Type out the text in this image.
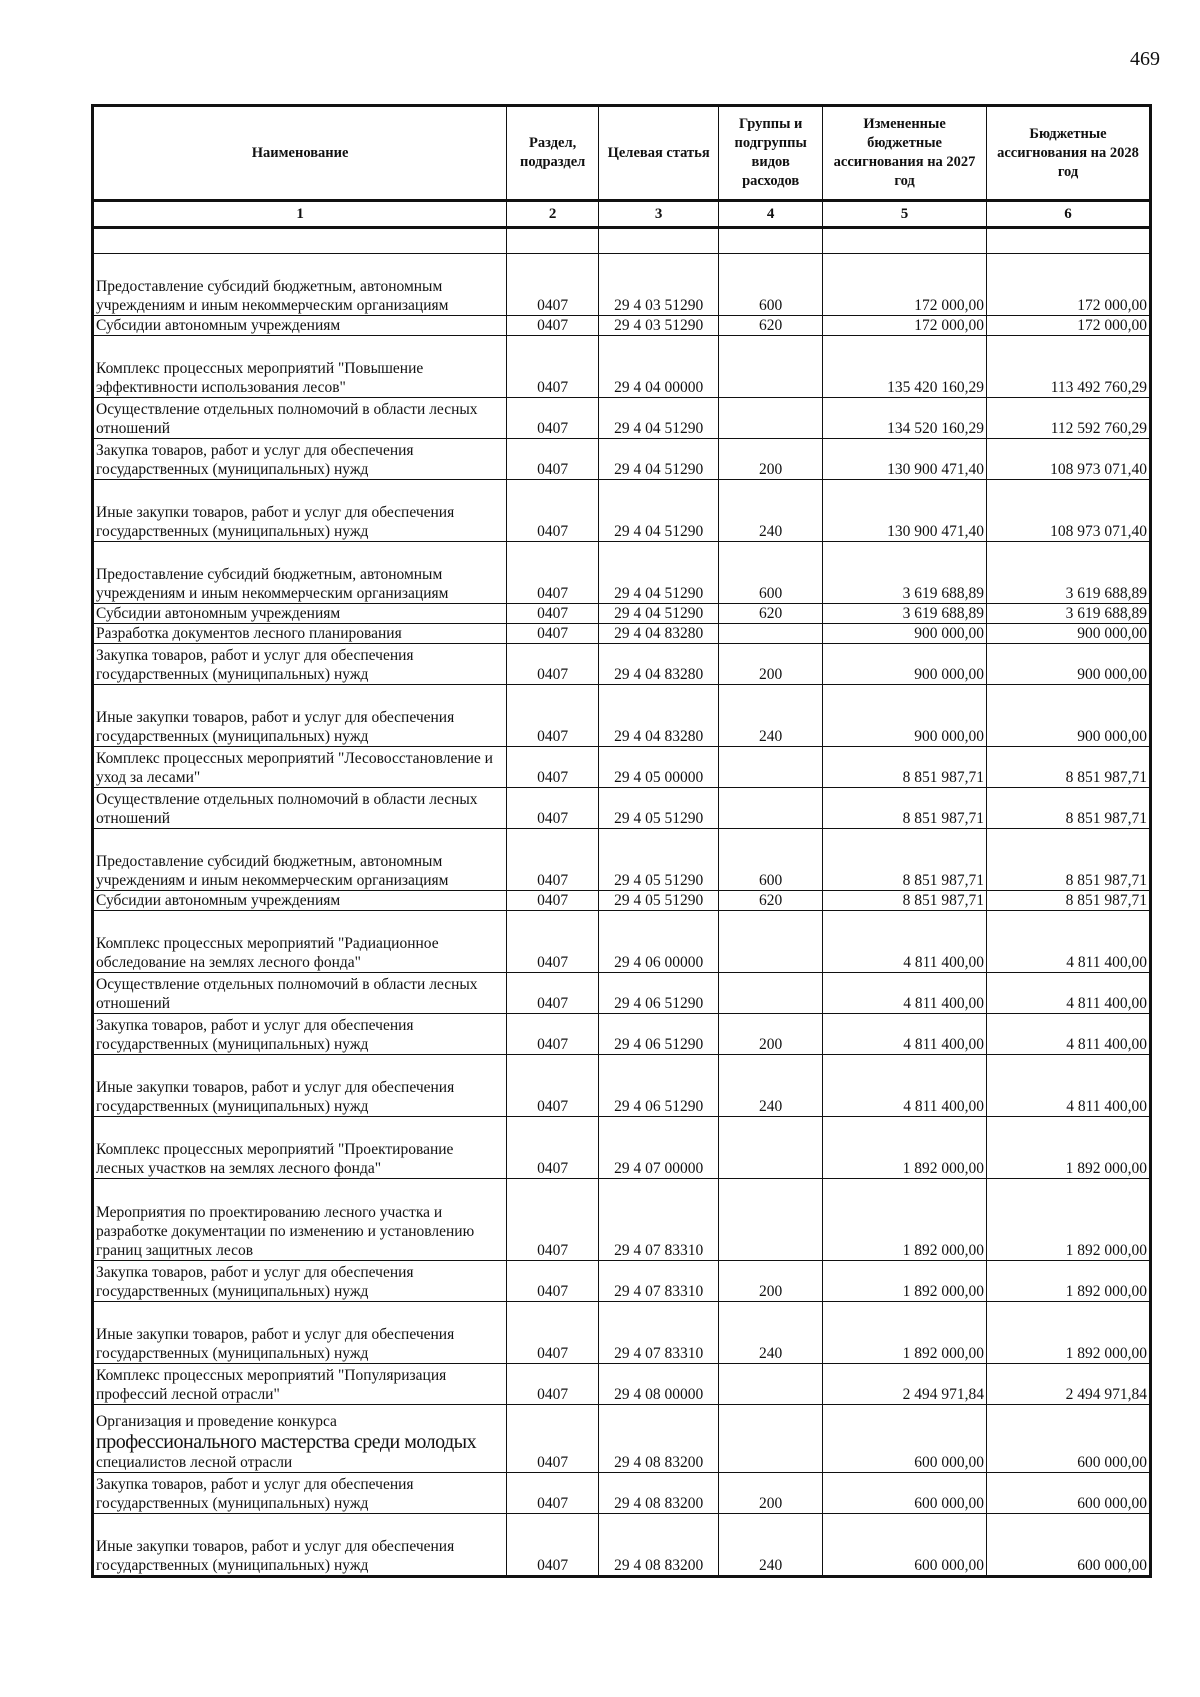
469
Наименование	Раздел, подраздел	Целевая статья	Группы и подгруппы видов расходов	Измененные бюджетные ассигнования на 2027 год	Бюджетные ассигнования на 2028 год
1	2	3	4	5	6

Предоставление субсидий бюджетным, автономным учреждениям и иным некоммерческим организациям	0407	29 4 03 51290	600	172 000,00	172 000,00
Субсидии автономным учреждениям	0407	29 4 03 51290	620	172 000,00	172 000,00
Комплекс процессных мероприятий "Повышение эффективности использования лесов"	0407	29 4 04 00000		135 420 160,29	113 492 760,29
Осуществление отдельных полномочий в области лесных отношений	0407	29 4 04 51290		134 520 160,29	112 592 760,29
Закупка товаров, работ и услуг для обеспечения государственных (муниципальных) нужд	0407	29 4 04 51290	200	130 900 471,40	108 973 071,40
Иные закупки товаров, работ и услуг для обеспечения государственных (муниципальных) нужд	0407	29 4 04 51290	240	130 900 471,40	108 973 071,40
Предоставление субсидий бюджетным, автономным учреждениям и иным некоммерческим организациям	0407	29 4 04 51290	600	3 619 688,89	3 619 688,89
Субсидии автономным учреждениям	0407	29 4 04 51290	620	3 619 688,89	3 619 688,89
Разработка документов лесного планирования	0407	29 4 04 83280		900 000,00	900 000,00
Закупка товаров, работ и услуг для обеспечения государственных (муниципальных) нужд	0407	29 4 04 83280	200	900 000,00	900 000,00
Иные закупки товаров, работ и услуг для обеспечения государственных (муниципальных) нужд	0407	29 4 04 83280	240	900 000,00	900 000,00
Комплекс процессных мероприятий "Лесовосстановление и уход за лесами"	0407	29 4 05 00000		8 851 987,71	8 851 987,71
Осуществление отдельных полномочий в области лесных отношений	0407	29 4 05 51290		8 851 987,71	8 851 987,71
Предоставление субсидий бюджетным, автономным учреждениям и иным некоммерческим организациям	0407	29 4 05 51290	600	8 851 987,71	8 851 987,71
Субсидии автономным учреждениям	0407	29 4 05 51290	620	8 851 987,71	8 851 987,71
Комплекс процессных мероприятий "Радиационное обследование на землях лесного фонда"	0407	29 4 06 00000		4 811 400,00	4 811 400,00
Осуществление отдельных полномочий в области лесных отношений	0407	29 4 06 51290		4 811 400,00	4 811 400,00
Закупка товаров, работ и услуг для обеспечения государственных (муниципальных) нужд	0407	29 4 06 51290	200	4 811 400,00	4 811 400,00
Иные закупки товаров, работ и услуг для обеспечения государственных (муниципальных) нужд	0407	29 4 06 51290	240	4 811 400,00	4 811 400,00
Комплекс процессных мероприятий "Проектирование лесных участков на землях лесного фонда"	0407	29 4 07 00000		1 892 000,00	1 892 000,00
Мероприятия по проектированию лесного участка и разработке документации по изменению и установлению границ защитных лесов	0407	29 4 07 83310		1 892 000,00	1 892 000,00
Закупка товаров, работ и услуг для обеспечения государственных (муниципальных) нужд	0407	29 4 07 83310	200	1 892 000,00	1 892 000,00
Иные закупки товаров, работ и услуг для обеспечения государственных (муниципальных) нужд	0407	29 4 07 83310	240	1 892 000,00	1 892 000,00
Комплекс процессных мероприятий "Популяризация профессий лесной отрасли"	0407	29 4 08 00000		2 494 971,84	2 494 971,84

Организация и проведение конкурса
профессионального мастерства среди молодых
специалистов лесной отрасли	0407	29 4 08 83200		600 000,00	600 000,00
Закупка товаров, работ и услуг для обеспечения государственных (муниципальных) нужд	0407	29 4 08 83200	200	600 000,00	600 000,00
Иные закупки товаров, работ и услуг для обеспечения государственных (муниципальных) нужд	0407	29 4 08 83200	240	600 000,00	600 000,00
